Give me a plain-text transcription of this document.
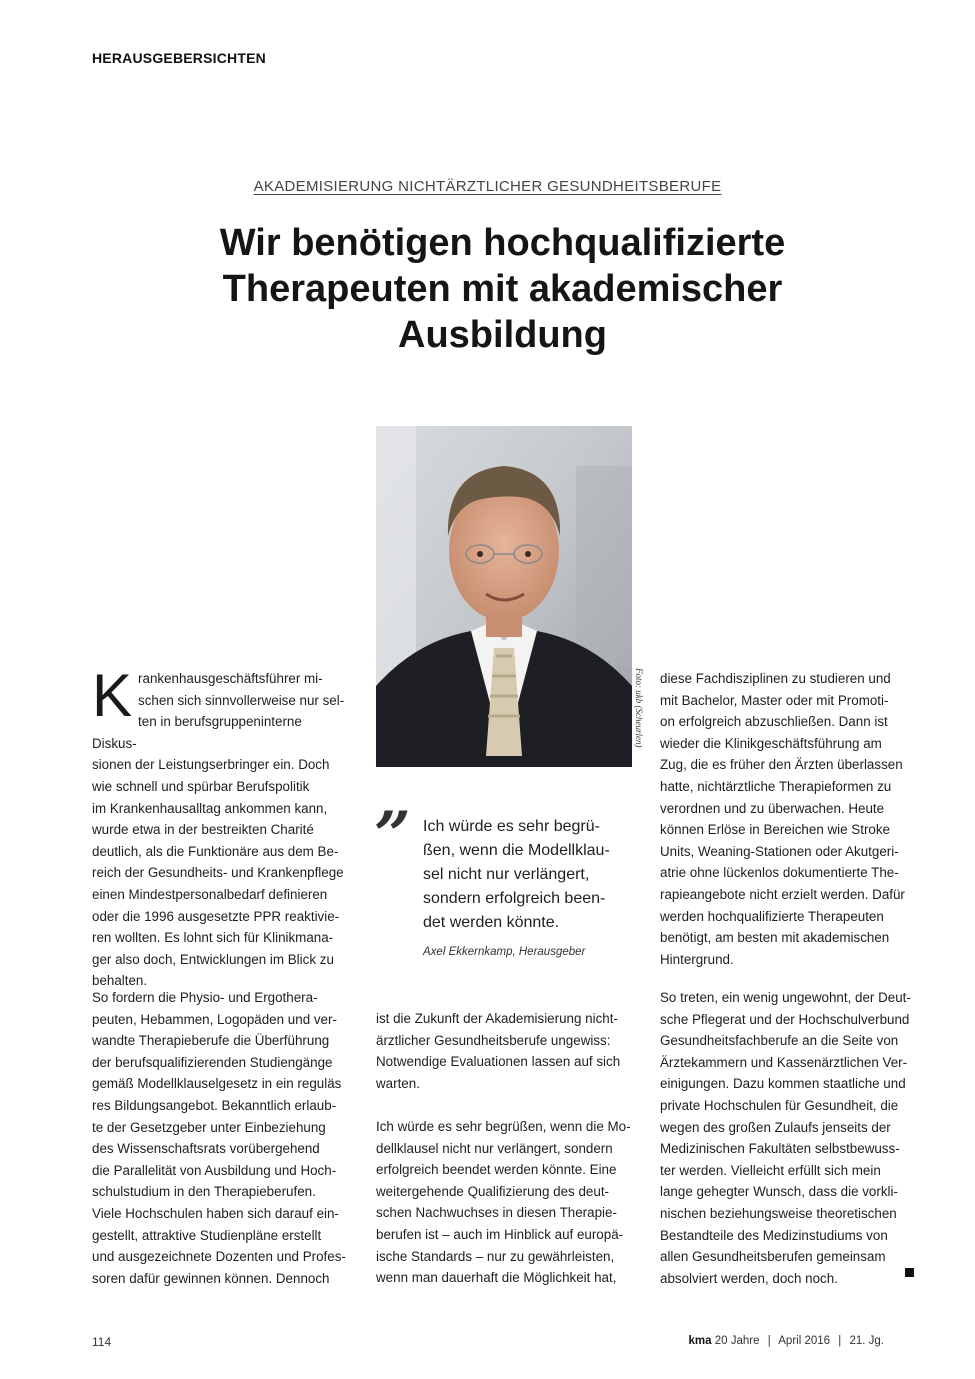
HERAUSGEBERSICHTEN
AKADEMISIERUNG NICHTÄRZTLICHER GESUNDHEITSBERUFE
Wir benötigen hochqualifizierte
Therapeuten mit akademischer
Ausbildung
Foto: ukb (Scheurlen)
K rankenhausgeschäftsführer mi-
schen sich sinnvollerweise nur sel-
ten in berufsgruppeninterne Diskus-
sionen der Leistungserbringer ein. Doch
wie schnell und spürbar Berufspolitik
im Krankenhausalltag ankommen kann,
wurde etwa in der bestreikten Charité
deutlich, als die Funktionäre aus dem Be-
reich der Gesundheits- und Krankenpflege
einen Mindestpersonalbedarf definieren
oder die 1996 ausgesetzte PPR reaktivie-
ren wollten. Es lohnt sich für Klinikmana-
ger also doch, Entwicklungen im Blick zu
behalten.
diese Fachdisziplinen zu studieren und
mit Bachelor, Master oder mit Promoti-
on erfolgreich abzuschließen. Dann ist
wieder die Klinikgeschäftsführung am
Zug, die es früher den Ärzten überlassen
hatte, nichtärztliche Therapieformen zu
verordnen und zu überwachen. Heute
können Erlöse in Bereichen wie Stroke
Units, Weaning-Stationen oder Akutgeri-
atrie ohne lückenlos dokumentierte The-
rapieangebote nicht erzielt werden. Dafür
werden hochqualifizierte Therapeuten
benötigt, am besten mit akademischen
Hintergrund.
” Ich würde es sehr begrü-
ßen, wenn die Modellklau-
sel nicht nur verlängert,
sondern erfolgreich been-
det werden könnte.
Axel Ekkernkamp, Herausgeber
So fordern die Physio- und Ergothera-
peuten, Hebammen, Logopäden und ver-
wandte Therapieberufe die Überführung
der berufsqualifizierenden Studiengänge
gemäß Modellklauselgesetz in ein reguläs
res Bildungsangebot. Bekanntlich erlaub-
te der Gesetzgeber unter Einbeziehung
des Wissenschaftsrats vorübergehend
die Parallelität von Ausbildung und Hoch-
schulstudium in den Therapieberufen.
Viele Hochschulen haben sich darauf ein-
gestellt, attraktive Studienpläne erstellt
und ausgezeichnete Dozenten und Profes-
soren dafür gewinnen können. Dennoch
ist die Zukunft der Akademisierung nicht-
ärztlicher Gesundheitsberufe ungewiss:
Notwendige Evaluationen lassen auf sich
warten.
Ich würde es sehr begrüßen, wenn die Mo-
dellklausel nicht nur verlängert, sondern
erfolgreich beendet werden könnte. Eine
weitergehende Qualifizierung des deut-
schen Nachwuchses in diesen Therapie-
berufen ist – auch im Hinblick auf europä-
ische Standards – nur zu gewährleisten,
wenn man dauerhaft die Möglichkeit hat,
So treten, ein wenig ungewohnt, der Deut-
sche Pflegerat und der Hochschulverbund
Gesundheitsfachberufe an die Seite von
Ärztekammern und Kassenärztlichen Ver-
einigungen. Dazu kommen staatliche und
private Hochschulen für Gesundheit, die
wegen des großen Zulaufs jenseits der
Medizinischen Fakultäten selbstbewuss-
ter werden. Vielleicht erfüllt sich mein
lange gehegter Wunsch, dass die vorkli-
nischen beziehungsweise theoretischen
Bestandteile des Medizinstudiums von
allen Gesundheitsberufen gemeinsam
absolviert werden, doch noch.
114	kma 20 Jahre | April 2016 | 21. Jg.
